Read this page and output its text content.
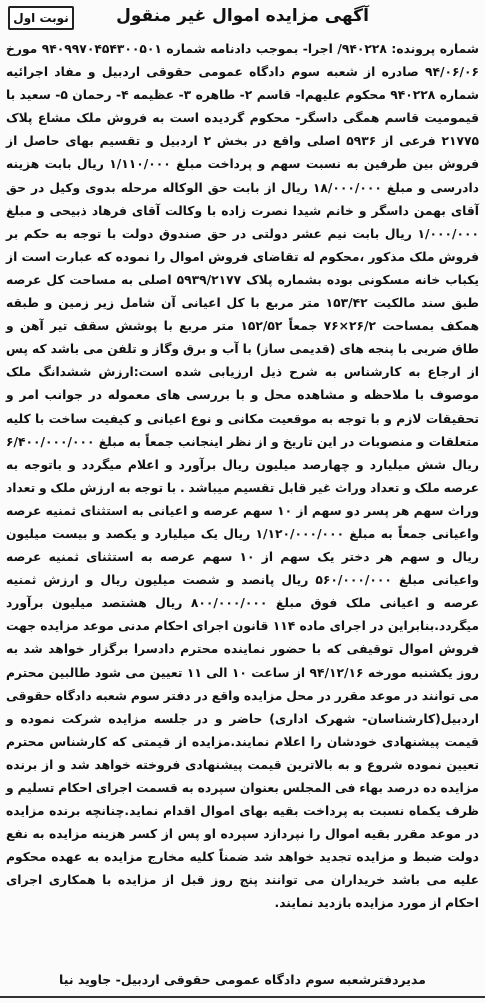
نوبت اول	آگهی مزایده اموال غیر منقول
شماره پرونده: ۹۴۰۲۲۸/ اجرا- بموجب دادنامه شماره ۹۴۰۹۹۷۰۴۵۴۳۰۰۵۰۱ مورخ ۹۴/۰۶/۰۶ صادره از شعبه سوم دادگاه عمومی حقوقی اردبیل و مفاد اجرائیه شماره ۹۴۰۲۲۸ محکوم علیهم‌ا- قاسم ۲- طاهره ۳- عظیمه ۴- رحمان ۵- سعید با قیمومیت قاسم همگی داسگر- محکوم گردیده است به فروش ملک مشاع پلاک ۲۱۷۷۵ فرعی از ۵۹۳۶ اصلی واقع در بخش ۲ اردبیل و تقسیم بهای حاصل از فروش بین طرفین به نسبت سهم و پرداخت مبلغ ۱/۱۱۰/۰۰۰ ریال بابت هزینه دادرسی و مبلغ ۱۸/۰۰۰/۰۰۰ ریال از بابت حق الوکاله مرحله بدوی وکیل در حق آقای بهمن داسگر و خانم شیدا نصرت زاده با وکالت آقای فرهاد ذبیحی و مبلغ ۱/۰۰۰/۰۰۰ ریال بابت نیم عشر دولتی در حق صندوق دولت با توجه به حکم بر فروش ملک مذکور ،محکوم له تقاضای فروش اموال را نموده که عبارت است از یکباب خانه مسکونی بوده بشماره پلاک ۵۹۳۹/۲۱۷۷ اصلی به مساحت کل عرصه طبق سند مالکیت ۱۵۳/۴۲ متر مربع با کل اعیانی آن شامل زیر زمین و طبقه همکف بمساحت ۲۶/۲×۷۶ جمعاً ۱۵۲/۵۲ متر مربع با پوشش سقف تیر آهن و طاق ضربی با پنجه های (قدیمی ساز) با آب و برق وگاز و تلفن می باشد که پس از ارجاع به کارشناس به شرح ذیل ارزیابی شده است:ارزش ششدانگ ملک موصوف با ملاحظه و مشاهده محل و با بررسی های معموله در جوانب امر و تحقیقات لازم و با توجه به موقعیت مکانی و نوع اعیانی و کیفیت ساخت با کلیه متعلقات و منصوبات در این تاریخ و از نظر اینجانب جمعاً به مبلغ ۶/۴۰۰/۰۰۰/۰۰۰ ریال شش میلیارد و چهارصد میلیون ریال برآورد و اعلام میگردد و باتوجه به عرصه ملک و تعداد وراث غیر قابل تقسیم میباشد . با توجه به ارزش ملک و تعداد وراث سهم هر پسر دو سهم از ۱۰ سهم عرصه و اعیانی به استثنای ثمنیه عرصه واعیانی جمعاً به مبلغ ۱/۱۲۰/۰۰۰/۰۰۰ ریال یک میلیارد و یکصد و بیست میلیون ریال و سهم هر دختر یک سهم از ۱۰ سهم عرصه به استثنای ثمنیه عرصه واعیانی مبلغ ۵۶۰/۰۰۰/۰۰۰ ریال پانصد و شصت میلیون ریال و ارزش ثمنیه عرصه و اعیانی ملک فوق مبلغ ۸۰۰/۰۰۰/۰۰۰ ریال هشتصد میلیون برآورد میگردد.بنابراین در اجرای ماده ۱۱۴ قانون اجرای احکام مدنی موعد مزایده جهت فروش اموال توقیفی که با حضور نماینده محترم دادسرا برگزار خواهد شد به روز یکشنبه مورخه ۹۴/۱۲/۱۶ از ساعت ۱۰ الی ۱۱ تعیین می شود طالبین محترم می توانند در موعد مقرر در محل مزایده واقع در دفتر سوم شعبه دادگاه حقوقی اردبیل(کارشناسان- شهرک اداری) حاضر و در جلسه مزایده شرکت نموده و قیمت پیشنهادی خودشان را اعلام نمایند.مزایده از قیمتی که کارشناس محترم تعیین نموده شروع و به بالاترین قیمت پیشنهادی فروخته خواهد شد و از برنده مزایده ده درصد بهاء فی المجلس بعنوان سپرده به قسمت اجرای احکام تسلیم و ظرف یکماه نسبت به پرداخت بقیه بهای اموال اقدام نماید.چنانچه برنده مزایده در موعد مقرر بقیه اموال را نپردازد سپرده او پس از کسر هزینه مزایده به نفع دولت ضبط و مزایده تجدید خواهد شد ضمناً کلیه مخارج مزایده به عهده محکوم علیه می باشد خریداران می توانند پنج روز قبل از مزایده با همکاری اجرای احکام از مورد مزایده بازدید نمایند.
مدیردفترشعبه سوم دادگاه عمومی حقوقی اردبیل- جاوید نیا
